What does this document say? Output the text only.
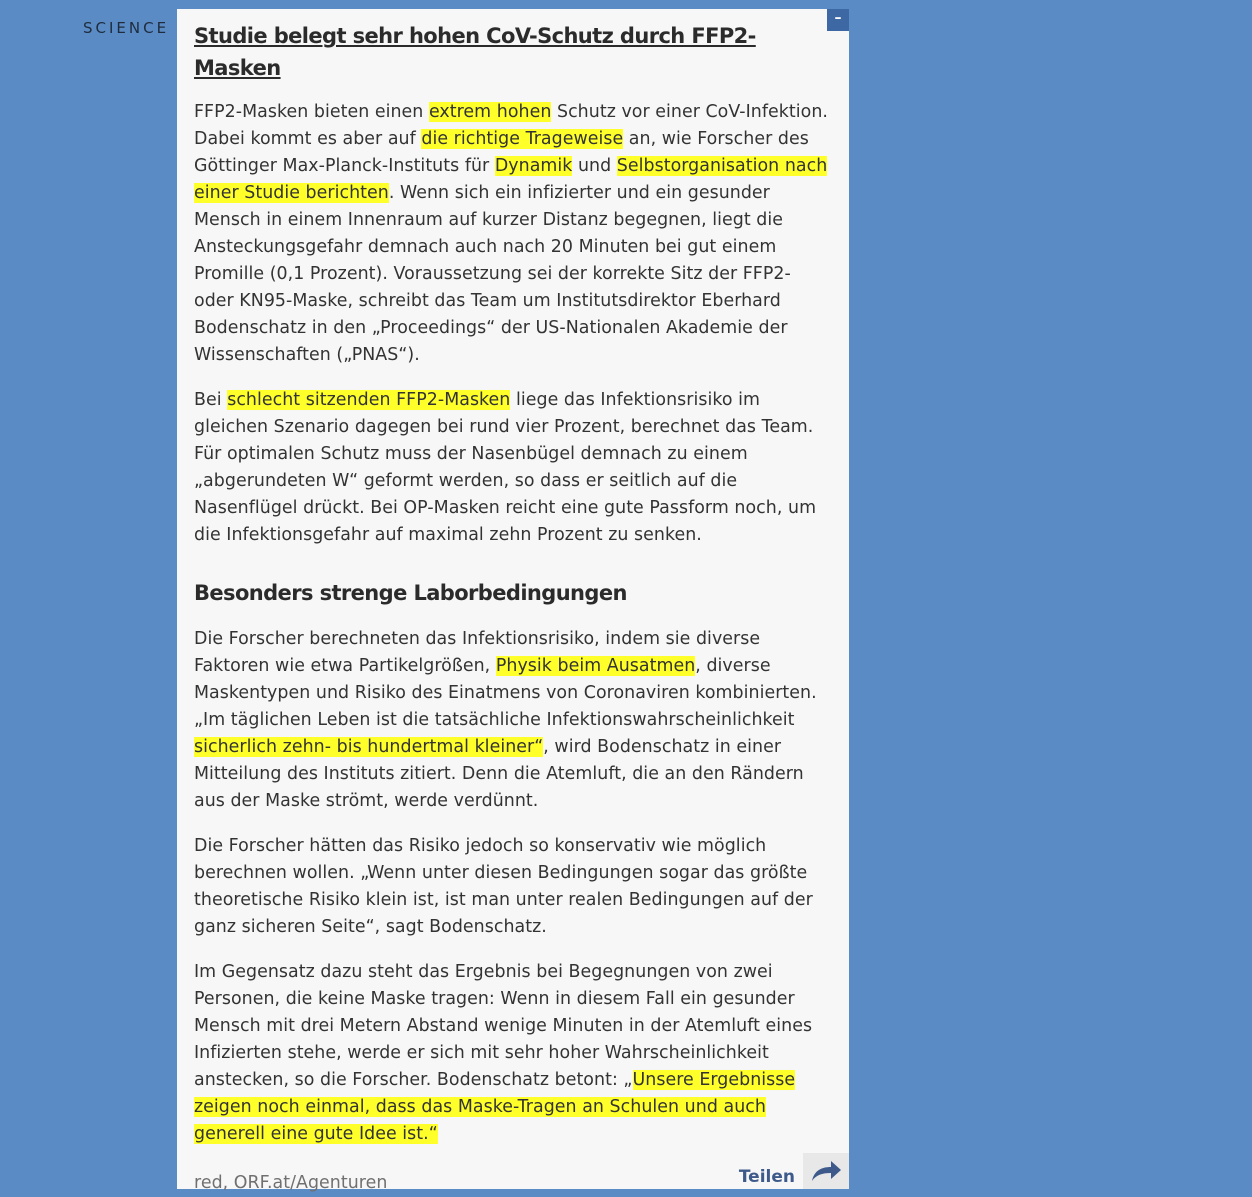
SCIENCE
–
Studie belegt sehr hohen CoV-Schutz durch FFP2-Masken

FFP2-Masken bieten einen extrem hohen Schutz vor einer CoV-Infektion. Dabei kommt es aber auf die richtige Trageweise an, wie Forscher des Göttinger Max-Planck-Instituts für Dynamik und Selbstorganisation nach einer Studie berichten. Wenn sich ein infizierter und ein gesunder Mensch in einem Innenraum auf kurzer Distanz begegnen, liegt die Ansteckungsgefahr demnach auch nach 20 Minuten bei gut einem Promille (0,1 Prozent). Voraussetzung sei der korrekte Sitz der FFP2- oder KN95-Maske, schreibt das Team um Institutsdirektor Eberhard Bodenschatz in den „Proceedings“ der US-Nationalen Akademie der Wissenschaften („PNAS“).

Bei schlecht sitzenden FFP2-Masken liege das Infektionsrisiko im gleichen Szenario dagegen bei rund vier Prozent, berechnet das Team. Für optimalen Schutz muss der Nasenbügel demnach zu einem „abgerundeten W“ geformt werden, so dass er seitlich auf die Nasenflügel drückt. Bei OP-Masken reicht eine gute Passform noch, um die Infektionsgefahr auf maximal zehn Prozent zu senken.

Besonders strenge Laborbedingungen

Die Forscher berechneten das Infektionsrisiko, indem sie diverse Faktoren wie etwa Partikelgrößen, Physik beim Ausatmen, diverse Maskentypen und Risiko des Einatmens von Coronaviren kombinierten. „Im täglichen Leben ist die tatsächliche Infektionswahrscheinlichkeit sicherlich zehn- bis hundertmal kleiner“, wird Bodenschatz in einer Mitteilung des Instituts zitiert. Denn die Atemluft, die an den Rändern aus der Maske strömt, werde verdünnt.

Die Forscher hätten das Risiko jedoch so konservativ wie möglich berechnen wollen. „Wenn unter diesen Bedingungen sogar das größte theoretische Risiko klein ist, ist man unter realen Bedingungen auf der ganz sicheren Seite“, sagt Bodenschatz.

Im Gegensatz dazu steht das Ergebnis bei Begegnungen von zwei Personen, die keine Maske tragen: Wenn in diesem Fall ein gesunder Mensch mit drei Metern Abstand wenige Minuten in der Atemluft eines Infizierten stehe, werde er sich mit sehr hoher Wahrscheinlichkeit anstecken, so die Forscher. Bodenschatz betont: „Unsere Ergebnisse zeigen noch einmal, dass das Maske-Tragen an Schulen und auch generell eine gute Idee ist.“

red, ORF.at/Agenturen	Teilen
